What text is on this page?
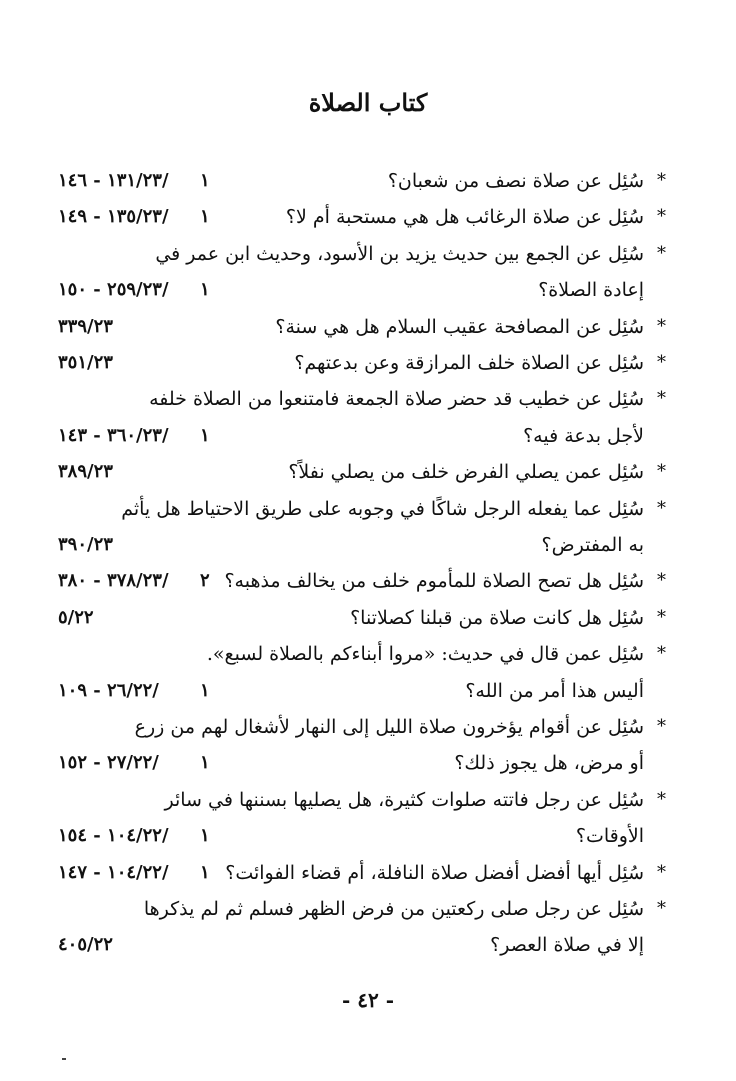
كتاب الصلاة
*
سُئِل عن صلاة نصف من شعبان؟
١
١٣١/٢٣ - ١٤٦/
*
سُئِل عن صلاة الرغائب هل هي مستحبة أم لا؟
١
١٣٥/٢٣ - ١٤٩/
*
سُئِل عن الجمع بين حديث يزيد بن الأسود، وحديث ابن عمر في
إعادة الصلاة؟
١
٢٥٩/٢٣ - ١٥٠/
*
سُئِل عن المصافحة عقيب السلام هل هي سنة؟
٣٣٩/٢٣
*
سُئِل عن الصلاة خلف المرازقة وعن بدعتهم؟
٣٥١/٢٣
*
سُئِل عن خطيب قد حضر صلاة الجمعة فامتنعوا من الصلاة خلفه
لأجل بدعة فيه؟
١
٣٦٠/٢٣ - ١٤٣/
*
سُئِل عمن يصلي الفرض خلف من يصلي نفلاً؟
٣٨٩/٢٣
*
سُئِل عما يفعله الرجل شاكًا في وجوبه على طريق الاحتياط هل يأثم
به المفترض؟
٣٩٠/٢٣
*
سُئِل هل تصح الصلاة للمأموم خلف من يخالف مذهبه؟
٢
٣٧٨/٢٣ - ٣٨٠/
*
سُئِل هل كانت صلاة من قبلنا كصلاتنا؟
٥/٢٢
*
سُئِل عمن قال في حديث: «مروا أبناءكم بالصلاة لسبع».
أليس هذا أمر من الله؟
١
٢٦/٢٢ - ١٠٩/
*
سُئِل عن أقوام يؤخرون صلاة الليل إلى النهار لأشغال لهم من زرع
أو مرض، هل يجوز ذلك؟
١
٢٧/٢٢ - ١٥٢/
*
سُئِل عن رجل فاتته صلوات كثيرة، هل يصليها بسننها في سائر
الأوقات؟
١
١٠٤/٢٢ - ١٥٤/
*
سُئِل أيها أفضل أفضل صلاة النافلة، أم قضاء الفوائت؟
١
١٠٤/٢٢ - ١٤٧/
*
سُئِل عن رجل صلى ركعتين من فرض الظهر فسلم ثم لم يذكرها
إلا في صلاة العصر؟
٤٠٥/٢٢
- ٤٢ -
